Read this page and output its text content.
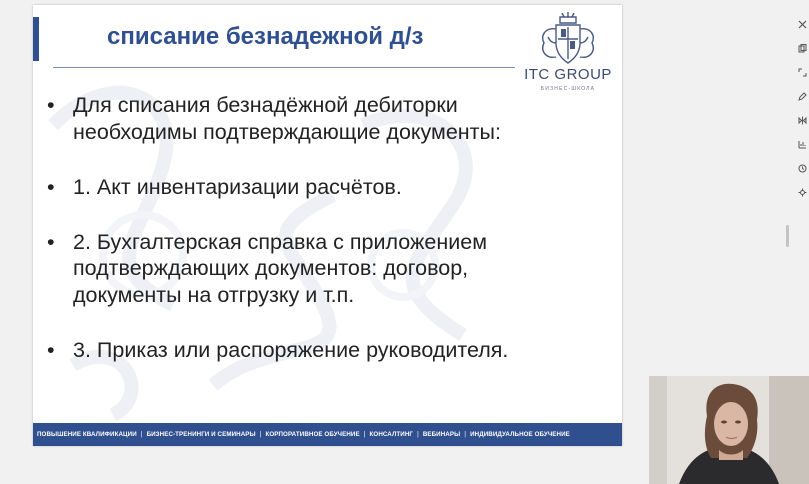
списание безнадежной д/з
ITC GROUP
БИЗНЕС-ШКОЛА
• Для списания безнадёжной дебиторки
необходимы подтверждающие документы:
• 1. Акт инвентаризации расчётов.
• 2. Бухгалтерская справка с приложением
подтверждающих документов: договор,
документы на отгрузку и т.п.
• 3. Приказ или распоряжение руководителя.
ПОВЫШЕНИЕ КВАЛИФИКАЦИИ | БИЗНЕС-ТРЕНИНГИ И СЕМИНАРЫ | КОРПОРАТИВНОЕ ОБУЧЕНИЕ | КОНСАЛТИНГ | ВЕБИНАРЫ | ИНДИВИДУАЛЬНОЕ ОБУЧЕНИЕ
